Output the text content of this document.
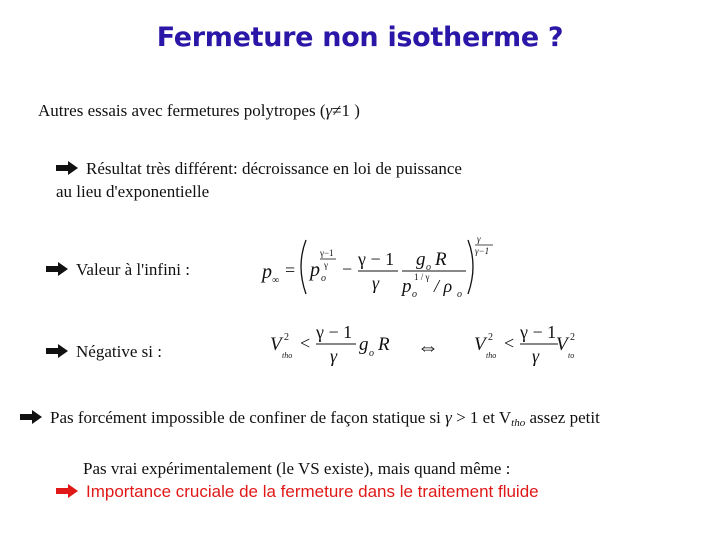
Fermeture non isotherme ?
Autres essais avec fermetures polytropes (γ≠1 )
Résultat très différent: décroissance en loi de puissance
au lieu d'exponentielle
Valeur à l'infini :	p ∞
= p o
γ−1
γ − γ − 1
γ
g o R
p o
1 / γ / ρ o
γ
γ−1
Négative si :	V 2
tho
<
γ − 1
γ
g o R ⇔ V 2
tho
<
γ − 1
γ
V 2
to
Pas forcément impossible de confiner de façon statique si γ > 1 et $V_{tho}$ assez petit
Pas vrai expérimentalement (le VS existe), mais quand même :
Importance cruciale de la fermeture dans le traitement fluide
